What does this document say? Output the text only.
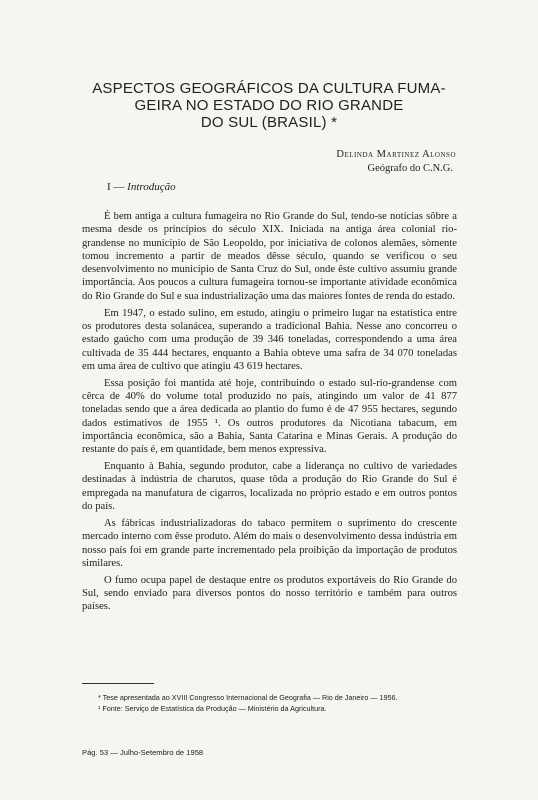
ASPECTOS GEOGRÁFICOS DA CULTURA FUMA-
GEIRA NO ESTADO DO RIO GRANDE
DO SUL (BRASIL) *
Delinda Martinez Alonso
Geógrafo do C.N.G.
I — Introdução

É bem antiga a cultura fumageira no Rio Grande do Sul, tendo-se notícias sôbre a mesma desde os princípios do século XIX. Iniciada na antiga área colonial rio-grandense no município de São Leopoldo, por iniciativa de colonos alemães, sòmente tomou incremento a partir de meados dêsse século, quando se verificou o seu desenvolvimento no município de Santa Cruz do Sul, onde êste cultivo assumiu grande importância. Aos poucos a cultura fumageira tornou-se importante atividade econômica do Rio Grande do Sul e sua industrialização uma das maiores fontes de renda do estado.

Em 1947, o estado sulino, em estudo, atingiu o primeiro lugar na estatística entre os produtores desta solanácea, superando a tradicional Bahia. Nesse ano concorreu o estado gaúcho com uma produção de 39 346 toneladas, correspondendo a uma área cultivada de 35 444 hectares, enquanto a Bahia obteve uma safra de 34 070 toneladas em uma área de cultivo que atingiu 43 619 hectares.

Essa posição foi mantida até hoje, contribuindo o estado sul-rio-grandense com cêrca de 40% do volume total produzido no país, atingindo um valor de 41 877 toneladas sendo que a área dedicada ao plantio do fumo é de 47 955 hectares, segundo dados estimativos de 1955 ¹. Os outros produtores da Nicotiana tabacum, em importância econômica, são a Bahia, Santa Catarina e Minas Gerais. A produção do restante do país é, em quantidade, bem menos expressiva.

Enquanto à Bahia, segundo produtor, cabe a liderança no cultivo de variedades destinadas à indústria de charutos, quase tôda a produção do Rio Grande do Sul é empregada na manufatura de cigarros, localizada no próprio estado e em outros pontos do país.

As fábricas industrializadoras do tabaco permitem o suprimento do crescente mercado interno com êsse produto. Além do mais o desenvolvimento dessa indústria em nosso país foi em grande parte incrementado pela proibição da importação de produtos similares.

O fumo ocupa papel de destaque entre os produtos exportáveis do Rio Grande do Sul, sendo enviado para diversos pontos do nosso território e também para outros países.

* Tese apresentada ao XVIII Congresso Internacional de Geografia — Rio de Janeiro — 1956.
¹ Fonte: Serviço de Estatística da Produção — Ministério da Agricultura.
Pág. 53 — Julho-Setembro de 1958
